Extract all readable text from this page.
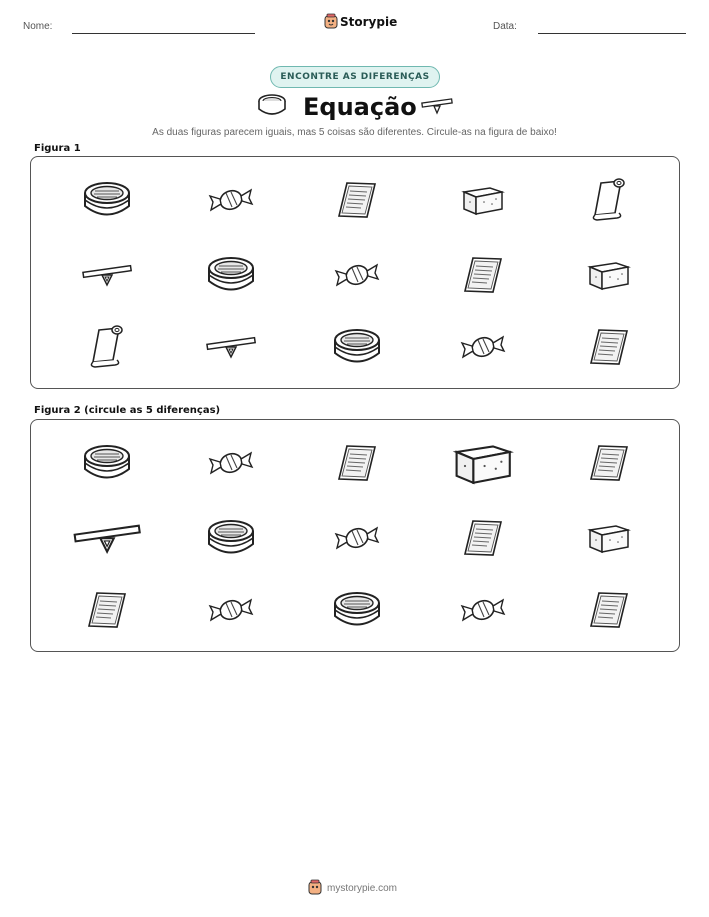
Nome:	Storypie	Data:
ENCONTRE AS DIFERENÇAS
Equação
As duas figuras parecem iguais, mas 5 coisas são diferentes. Circule-as na figura de baixo!
Figura 1
Figura 2 (circule as 5 diferenças)
mystorypie.com
